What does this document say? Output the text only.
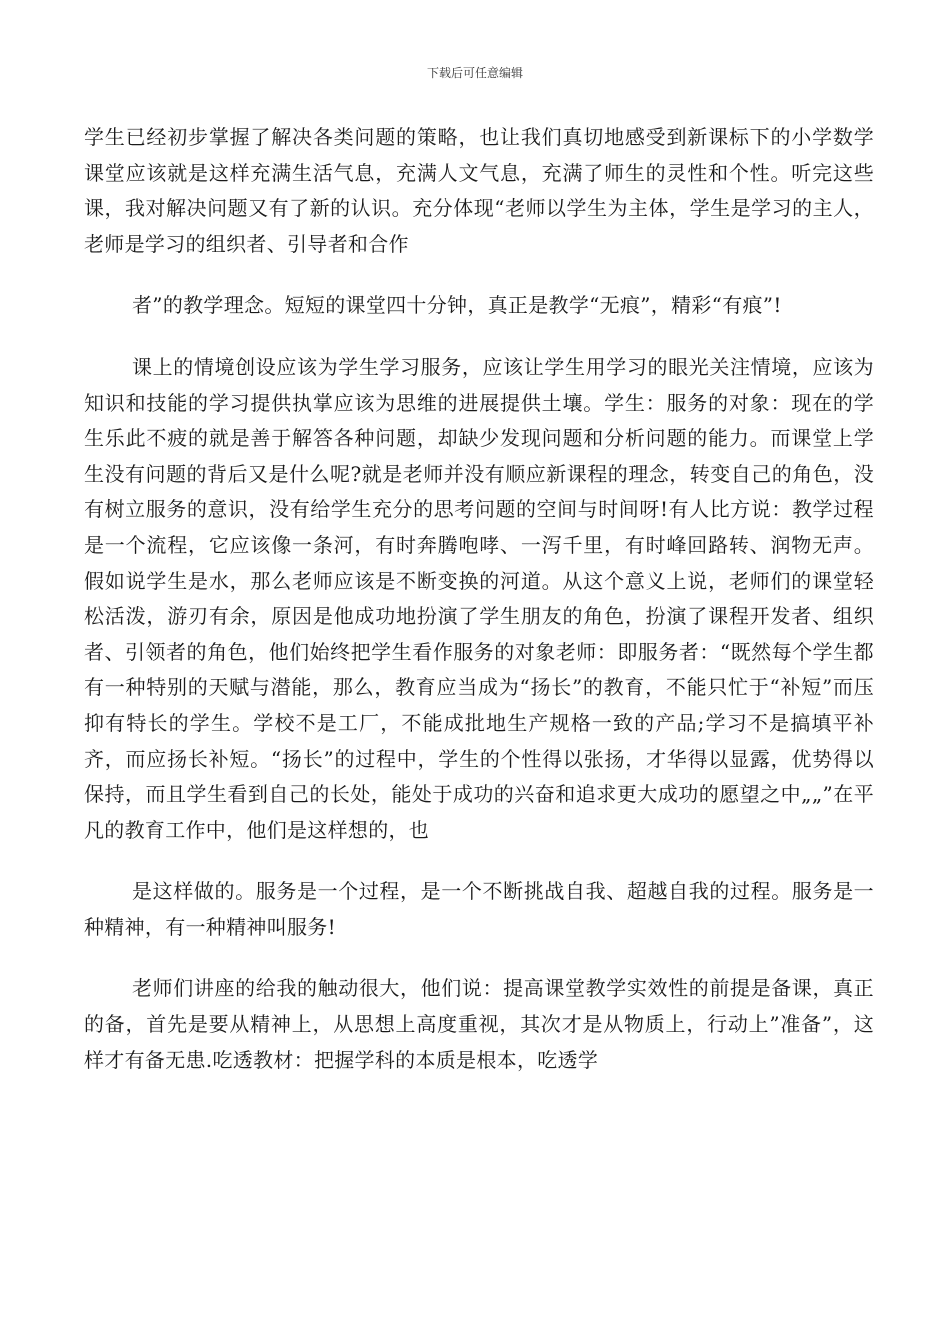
下载后可任意编辑

学生已经初步掌握了解决各类问题的策略，也让我们真切地感受到新课标下的小学数学课堂应该就是这样充满生活气息，充满人文气息，充满了师生的灵性和个性。听完这些课，我对解决问题又有了新的认识。充分体现“老师以学生为主体，学生是学习的主人，老师是学习的组织者、引导者和合作

者”的教学理念。短短的课堂四十分钟，真正是教学“无痕”，精彩“有痕”!

课上的情境创设应该为学生学习服务，应该让学生用学习的眼光关注情境，应该为知识和技能的学习提供执掌应该为思维的进展提供土壤。学生：服务的对象：现在的学生乐此不疲的就是善于解答各种问题，却缺少发现问题和分析问题的能力。而课堂上学生没有问题的背后又是什么呢?就是老师并没有顺应新课程的理念，转变自己的角色，没有树立服务的意识，没有给学生充分的思考问题的空间与时间呀!有人比方说：教学过程是一个流程，它应该像一条河，有时奔腾咆哮、一泻千里，有时峰回路转、润物无声。假如说学生是水，那么老师应该是不断变换的河道。从这个意义上说，老师们的课堂轻松活泼，游刃有余，原因是他成功地扮演了学生朋友的角色，扮演了课程开发者、组织者、引领者的角色，他们始终把学生看作服务的对象老师：即服务者：“既然每个学生都有一种特别的天赋与潜能，那么，教育应当成为“扬长”的教育，不能只忙于“补短”而压抑有特长的学生。学校不是工厂，不能成批地生产规格一致的产品;学习不是搞填平补齐，而应扬长补短。“扬长”的过程中，学生的个性得以张扬，才华得以显露，优势得以保持，而且学生看到自己的长处，能处于成功的兴奋和追求更大成功的愿望之中„„”在平凡的教育工作中，他们是这样想的，也

是这样做的。服务是一个过程，是一个不断挑战自我、超越自我的过程。服务是一种精神，有一种精神叫服务!

老师们讲座的给我的触动很大，他们说：提高课堂教学实效性的前提是备课，真正的备，首先是要从精神上，从思想上高度重视，其次才是从物质上，行动上”准备”，这样才有备无患.吃透教材：把握学科的本质是根本，吃透学
